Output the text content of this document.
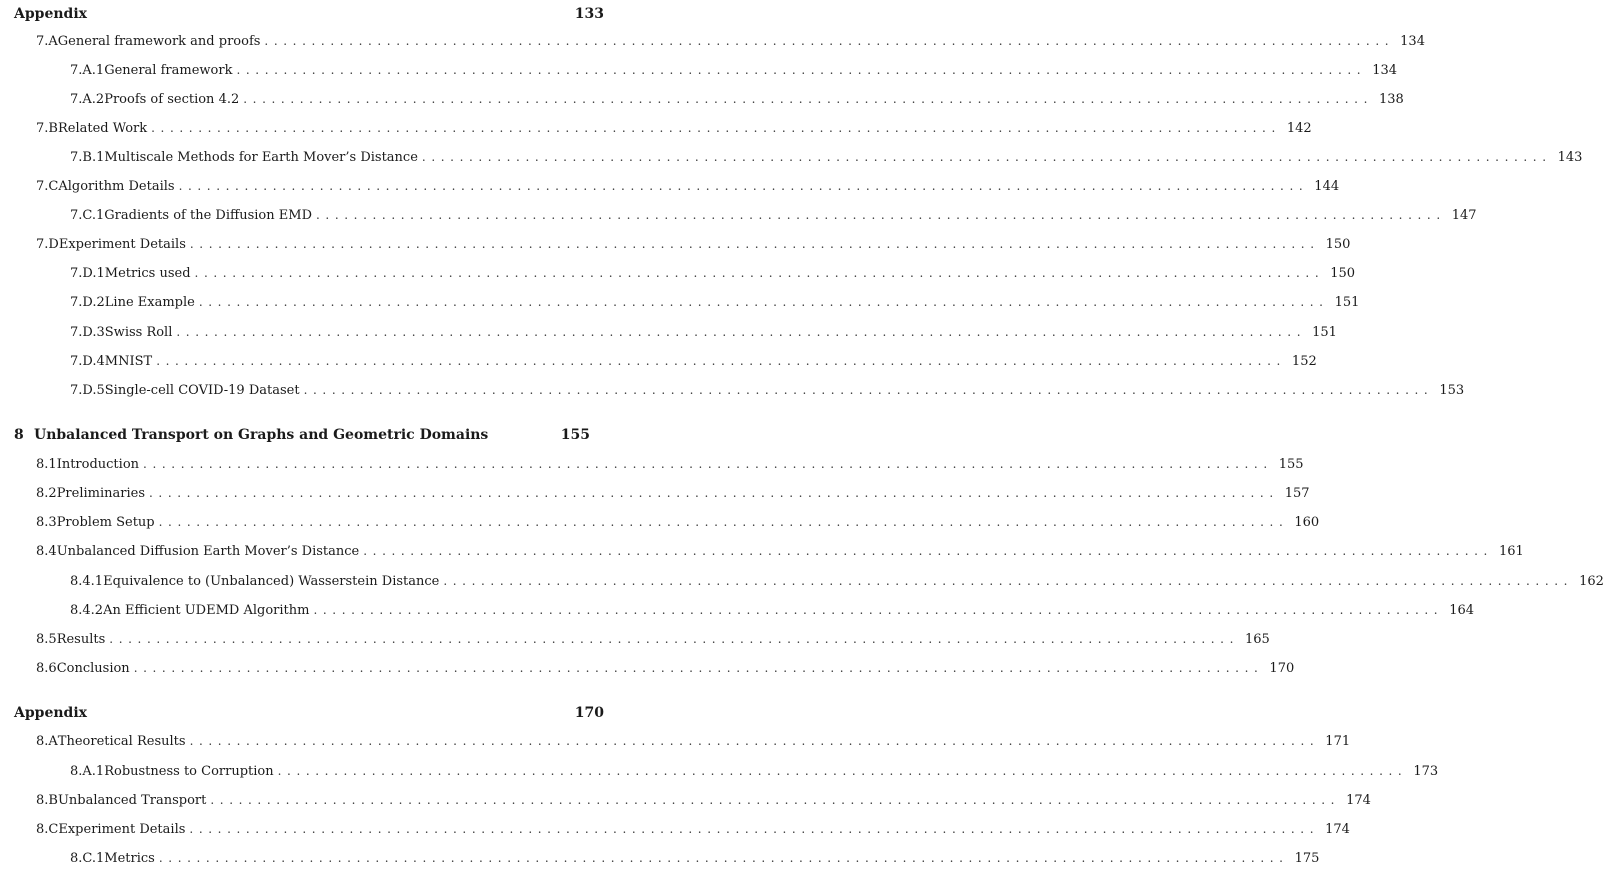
Appendix	133
7.A General framework and proofs ........................................................................................................................ 134
7.A.1 General framework ........................................................................................................................ 134
7.A.2 Proofs of section 4.2 ........................................................................................................................ 138
7.B Related Work ........................................................................................................................ 142
7.B.1 Multiscale Methods for Earth Mover’s Distance ........................................................................................................................ 143
7.C Algorithm Details ........................................................................................................................ 144
7.C.1 Gradients of the Diffusion EMD ........................................................................................................................ 147
7.D Experiment Details ........................................................................................................................ 150
7.D.1 Metrics used ........................................................................................................................ 150
7.D.2 Line Example ........................................................................................................................ 151
7.D.3 Swiss Roll ........................................................................................................................ 151
7.D.4 MNIST ........................................................................................................................ 152
7.D.5 Single-cell COVID-19 Dataset ........................................................................................................................ 153
8 Unbalanced Transport on Graphs and Geometric Domains	155
8.1 Introduction ........................................................................................................................ 155
8.2 Preliminaries ........................................................................................................................ 157
8.3 Problem Setup ........................................................................................................................ 160
8.4 Unbalanced Diffusion Earth Mover’s Distance ........................................................................................................................ 161
8.4.1 Equivalence to (Unbalanced) Wasserstein Distance ........................................................................................................................ 162
8.4.2 An Efficient UDEMD Algorithm ........................................................................................................................ 164
8.5 Results ........................................................................................................................ 165
8.6 Conclusion ........................................................................................................................ 170
Appendix	170
8.A Theoretical Results ........................................................................................................................ 171
8.A.1 Robustness to Corruption ........................................................................................................................ 173
8.B Unbalanced Transport ........................................................................................................................ 174
8.C Experiment Details ........................................................................................................................ 174
8.C.1 Metrics ........................................................................................................................ 175
